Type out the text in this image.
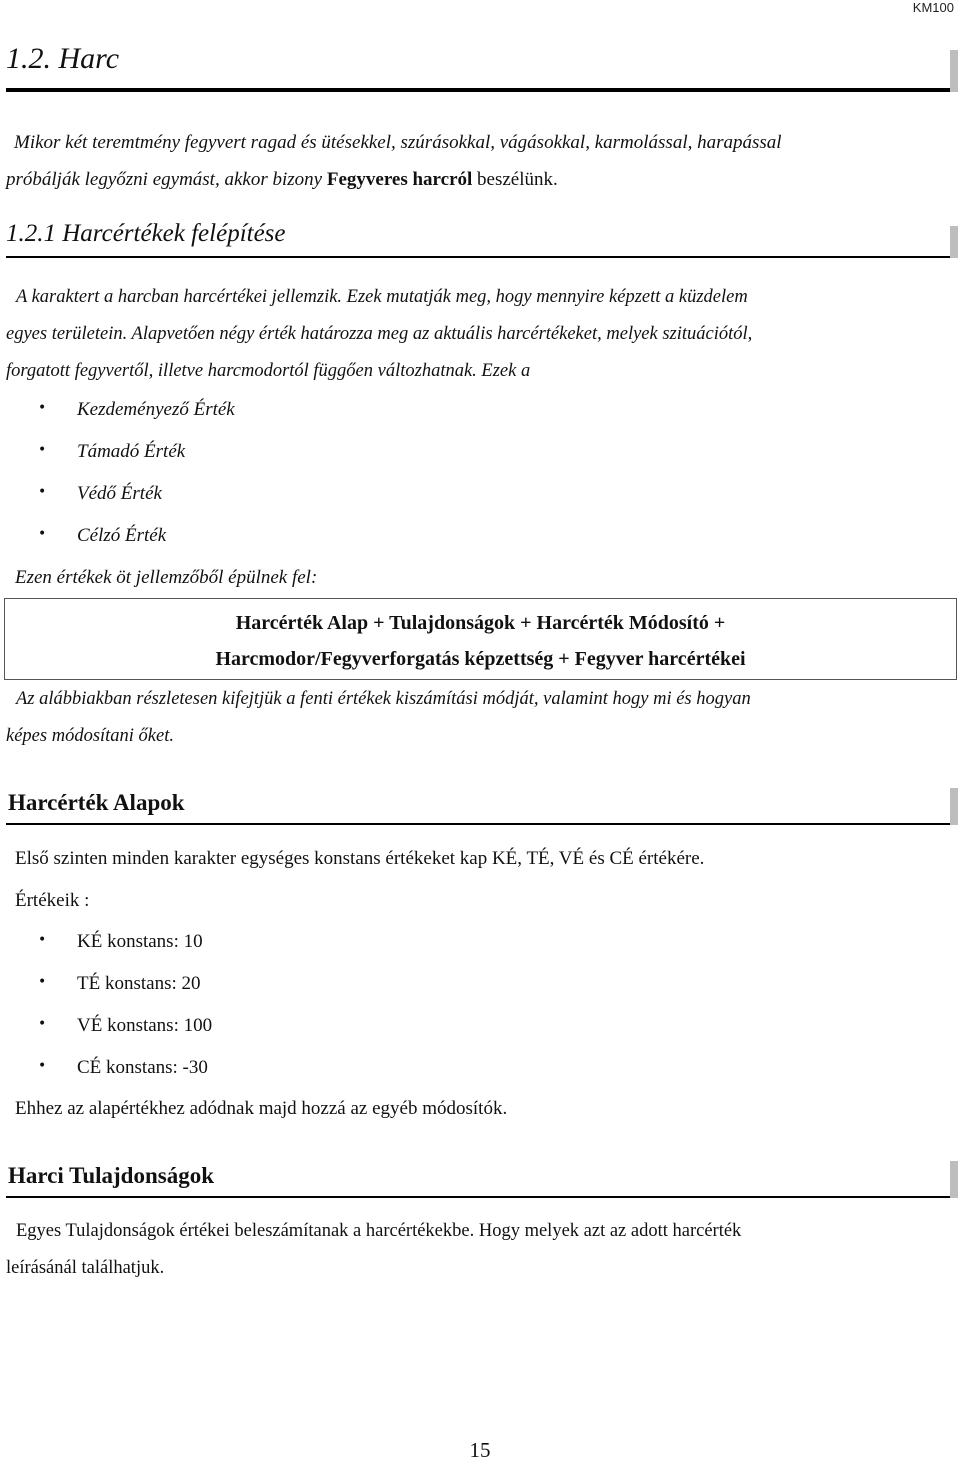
KM100
1.2. Harc
Mikor két teremtmény fegyvert ragad és ütésekkel, szúrásokkal, vágásokkal, karmolással, harapással
próbálják legyőzni egymást, akkor bizony Fegyveres harcról beszélünk.
1.2.1 Harcértékek felépítése
A karaktert a harcban harcértékei jellemzik. Ezek mutatják meg, hogy mennyire képzett a küzdelem
egyes területein. Alapvetően négy érték határozza meg az aktuális harcértékeket, melyek szituációtól,
forgatott fegyvertől, illetve harcmodortól függően változhatnak. Ezek a
• Kezdeményező Érték
• Támadó Érték
• Védő Érték
• Célzó Érték
Ezen értékek öt jellemzőből épülnek fel:
Harcérték Alap + Tulajdonságok + Harcérték Módosító +
Harcmodor/Fegyverforgatás képzettség + Fegyver harcértékei
Az alábbiakban részletesen kifejtjük a fenti értékek kiszámítási módját, valamint hogy mi és hogyan
képes módosítani őket.
Harcérték Alapok
Első szinten minden karakter egységes konstans értékeket kap KÉ, TÉ, VÉ és CÉ értékére.
Értékeik :
• KÉ konstans: 10
• TÉ konstans: 20
• VÉ konstans: 100
• CÉ konstans: -30
Ehhez az alapértékhez adódnak majd hozzá az egyéb módosítók.
Harci Tulajdonságok
Egyes Tulajdonságok értékei beleszámítanak a harcértékekbe. Hogy melyek azt az adott harcérték
leírásánál találhatjuk.
15
